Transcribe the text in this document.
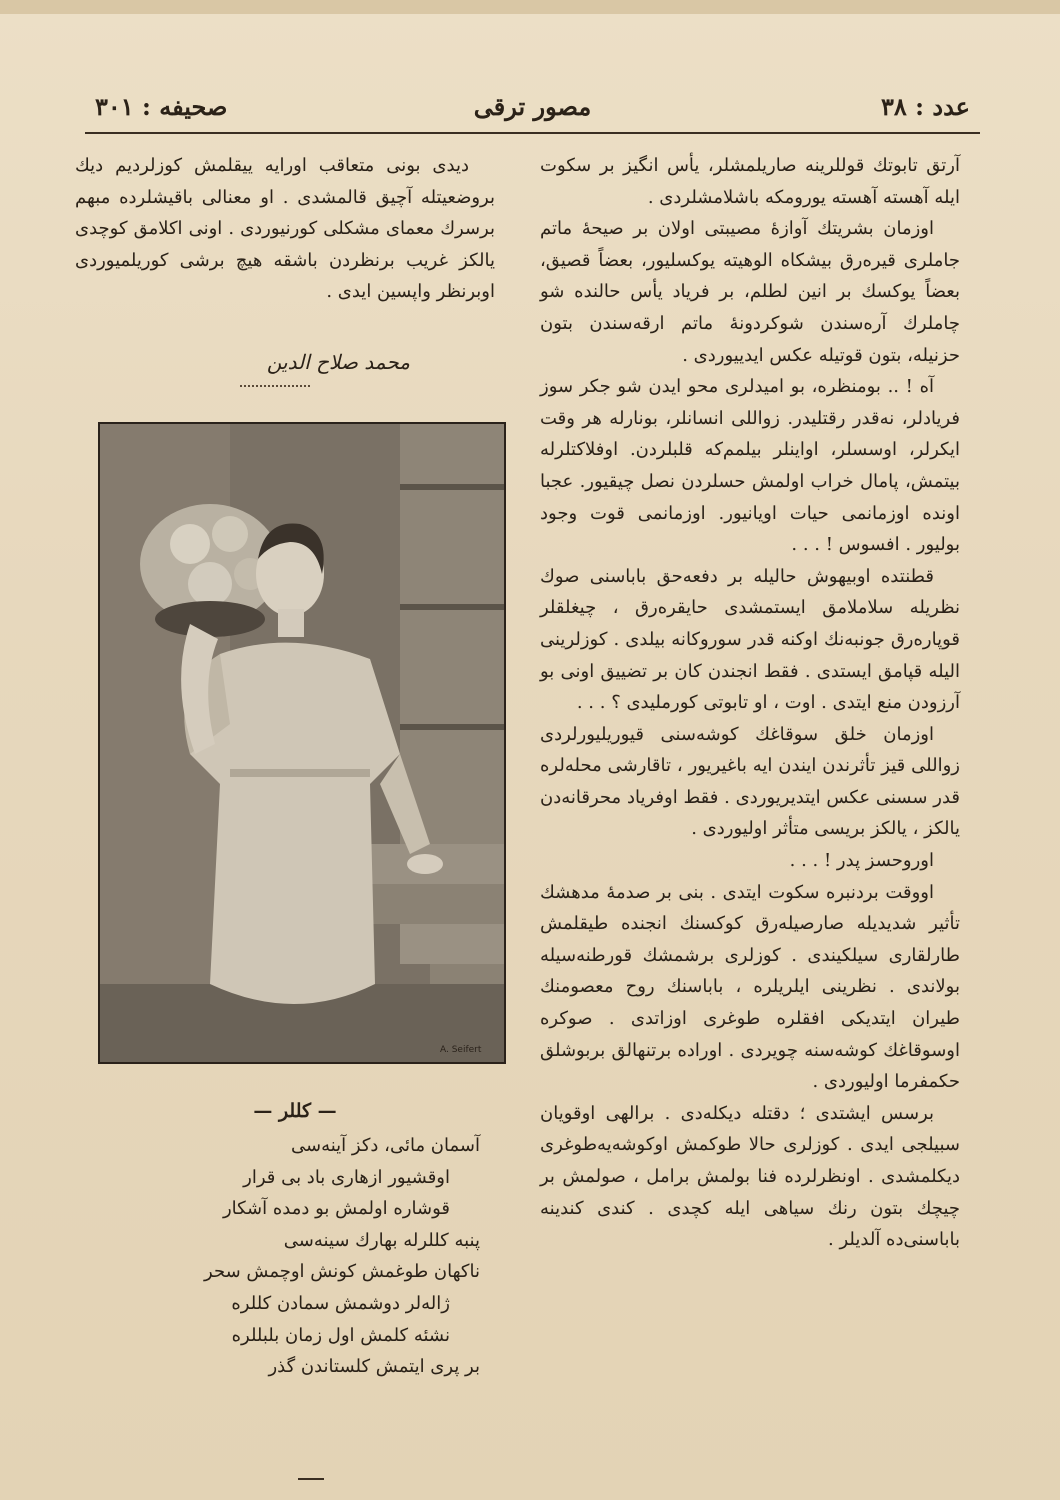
عدد : ۳۸
مصور ترقی
صحیفه : ۳۰۱

آرتق تابوتك قوللرینه صاریلمشلر، یأس انگیز بر سکوت ایله آهسته آهسته یورومکه باشلامشلردی .

اوزمان بشریتك آوازهٔ مصیبتی اولان بر صیحهٔ ماتم جاملری قیره‌رق بیشکاه الوهیته یوکسلیور، بعضاً قصیق، بعضاً یوکسك بر انین لطلم، بر فریاد یأس حالنده شو چاملرك آره‌سندن شوکردونهٔ ماتم ارقه‌سندن بتون حزنیله، بتون قوتیله عکس ایدییوردی .

آه ! .. بومنظره، بو امیدلری محو ایدن شو جکر سوز فریادلر، نه‌قدر رقتلیدر. زواللی انسانلر، بونارله هر وقت ایکرلر، اوسسلر، اواینلر بیلمم‌که قلبلردن. اوفلاکتلرله بیتمش، پامال خراب اولمش حسلردن نصل چیقیور. عجبا اونده اوزمانمی حیات اویانیور. اوزمانمی قوت وجود بولیور . افسوس ! . . .

قطنتده اوبیهوش حالیله بر دفعه‌حق باباسنی صوك نظریله سلاملامق ایستمشدی حایقره‌رق ، چیغلقلر قوپاره‌رق جونبه‌نك اوکنه قدر سوروکانه بیلدی . کوزلرینی الیله قپامق ایستدی . فقط انجندن کان بر تضییق اونی بو آرزودن منع ایتدی . اوت ، او تابوتی کورملیدی ؟ . . .

اوزمان خلق سوقاغك کوشه‌سنی قیوریلیورلردی زواللی قیز تأثرندن ایندن ایه باغیریور ، تاقارشی محله‌لره قدر سسنی عکس ایتدیریوردی . فقط اوفریاد محرقانه‌دن یالکز ، یالکز بریسی متأثر اولیوردی .

اوروحسز پدر ! . . .

اووقت بردنبره سکوت ایتدی . بنی بر صدمهٔ مدهشك تأثیر شدیدیله صارصیله‌رق کوکسنك انجنده طیقلمش طارلقاری سیلکیندی . کوزلری برشمشك قورطنه‌سیله بولاندی . نظرینی ایلریلره ، باباسنك روح معصومنك طیران ایتدیکی افقلره طوغری اوزاتدی . صوکره اوسوقاغك کوشه‌سنه چویردی . اوراده برتنهالق بربوشلق حکمفرما اولیوردی .

برسس ایشتدی ؛ دقتله دیکله‌دی . برالهی اوقویان سبیلجی ایدی . کوزلری حالا طوکمش اوکوشه‌یه‌طوغری دیکلمشدی . اونظرلرده فنا بولمش برامل ، صولمش بر چیچك بتون رنك سیاهی ایله کچدی . کندی کندینه باباسنی‌ده آلدیلر .

دیدی بونی متعاقب اورایه ییقلمش کوزلردیم دیك بروضعیتله آچیق قالمشدی . او معنالی باقیشلرده مبهم برسرك معمای مشکلی کورنیوردی . اونی اکلامق کوچدی یالکز غریب برنظردن باشقه هیچ برشی کوریلمیوردی اوبرنظر واپسین ایدی .

محمد صلاح الدین
A. Seifert
— کللر —
آسمان مائی، دکز آینه‌سی
اوقشیور ازهاری باد بی قرار
قوشاره اولمش بو دمده آشکار
پنبه کللرله بهارك سینه‌سی
ناکهان طوغمش کونش اوچمش سحر
ژاله‌لر دوشمش سمادن کللره
نشئه کلمش اول زمان بلبللره
بر پری ایتمش کلستاندن گذر
